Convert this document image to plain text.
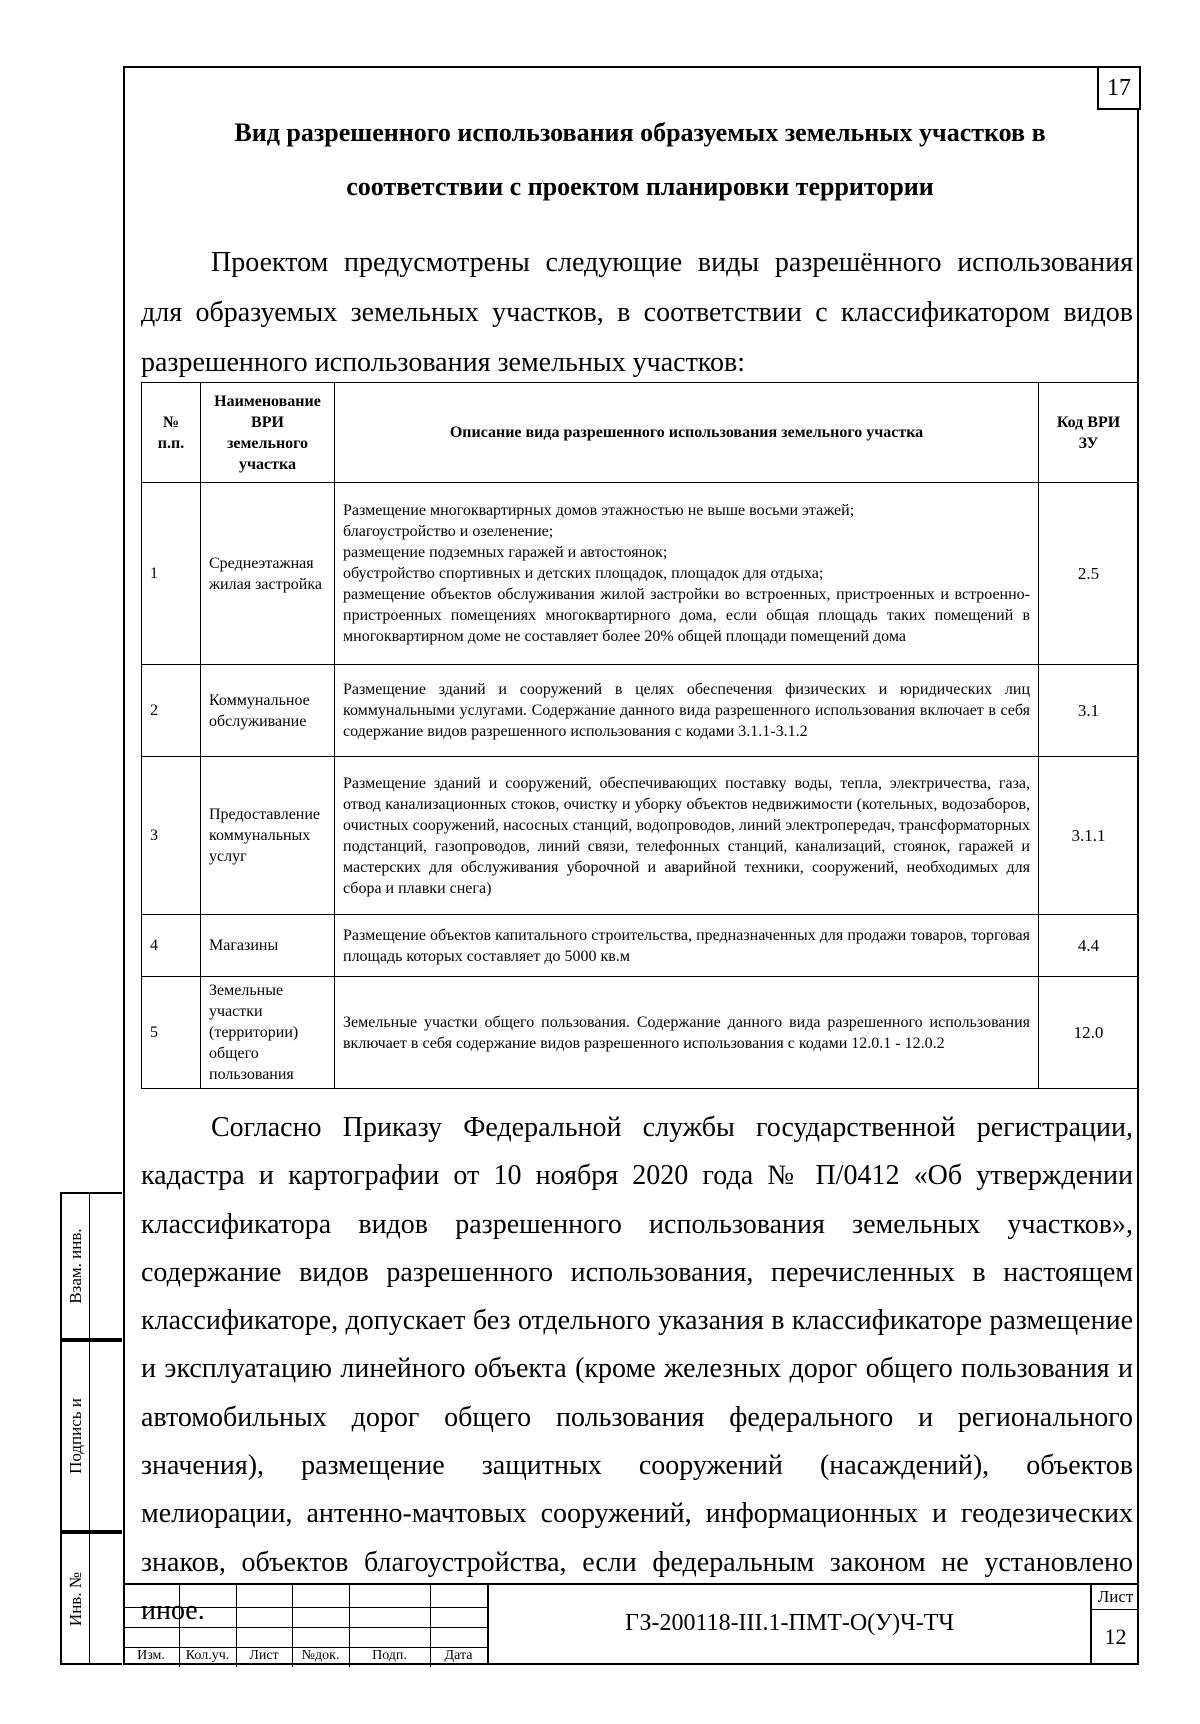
17
Вид разрешенного использования образуемых земельных участков в
соответствии с проектом планировки территории

Проектом предусмотрены следующие виды разрешённого использования для образуемых земельных участков, в соответствии с классификатором видов разрешенного использования земельных участков:

№ п.п.	Наименование ВРИ земельного участка	Описание вида разрешенного использования земельного участка	Код ВРИ ЗУ
1	Среднеэтажная жилая застройка	Размещение многоквартирных домов этажностью не выше восьми этажей;
благоустройство и озеленение;
размещение подземных гаражей и автостоянок;
обустройство спортивных и детских площадок, площадок для отдыха;
размещение объектов обслуживания жилой застройки во встроенных, пристроенных и встроенно-пристроенных помещениях многоквартирного дома, если общая площадь таких помещений в многоквартирном доме не составляет более 20% общей площади помещений дома	2.5
2	Коммунальное обслуживание	Размещение зданий и сооружений в целях обеспечения физических и юридических лиц коммунальными услугами. Содержание данного вида разрешенного использования включает в себя содержание видов разрешенного использования с кодами 3.1.1-3.1.2	3.1
3	Предоставление коммунальных услуг	Размещение зданий и сооружений, обеспечивающих поставку воды, тепла, электричества, газа, отвод канализационных стоков, очистку и уборку объектов недвижимости (котельных, водозаборов, очистных сооружений, насосных станций, водопроводов, линий электропередач, трансформаторных подстанций, газопроводов, линий связи, телефонных станций, канализаций, стоянок, гаражей и мастерских для обслуживания уборочной и аварийной техники, сооружений, необходимых для сбора и плавки снега)	3.1.1
4	Магазины	Размещение объектов капитального строительства, предназначенных для продажи товаров, торговая площадь которых составляет до 5000 кв.м	4.4
5	Земельные участки (территории) общего пользования	Земельные участки общего пользования. Содержание данного вида разрешенного использования включает в себя содержание видов разрешенного использования с кодами 12.0.1 - 12.0.2	12.0

Согласно Приказу Федеральной службы государственной регистрации, кадастра и картографии от 10 ноября 2020 года № П/0412 «Об утверждении классификатора видов разрешенного использования земельных участков», содержание видов разрешенного использования, перечисленных в настоящем классификаторе, допускает без отдельного указания в классификаторе размещение и эксплуатацию линейного объекта (кроме железных дорог общего пользования и автомобильных дорог общего пользования федерального и регионального значения), размещение защитных сооружений (насаждений), объектов мелиорации, антенно-мачтовых сооружений, информационных и геодезических знаков, объектов благоустройства, если федеральным законом не установлено иное.

Взам. инв.
Подпись и
Инв. №
Изм.	Кол.уч.	Лист	№док.	Подп.	Дата
ГЗ-200118-III.1-ПМТ-О(У)Ч-ТЧ
Лист
12
